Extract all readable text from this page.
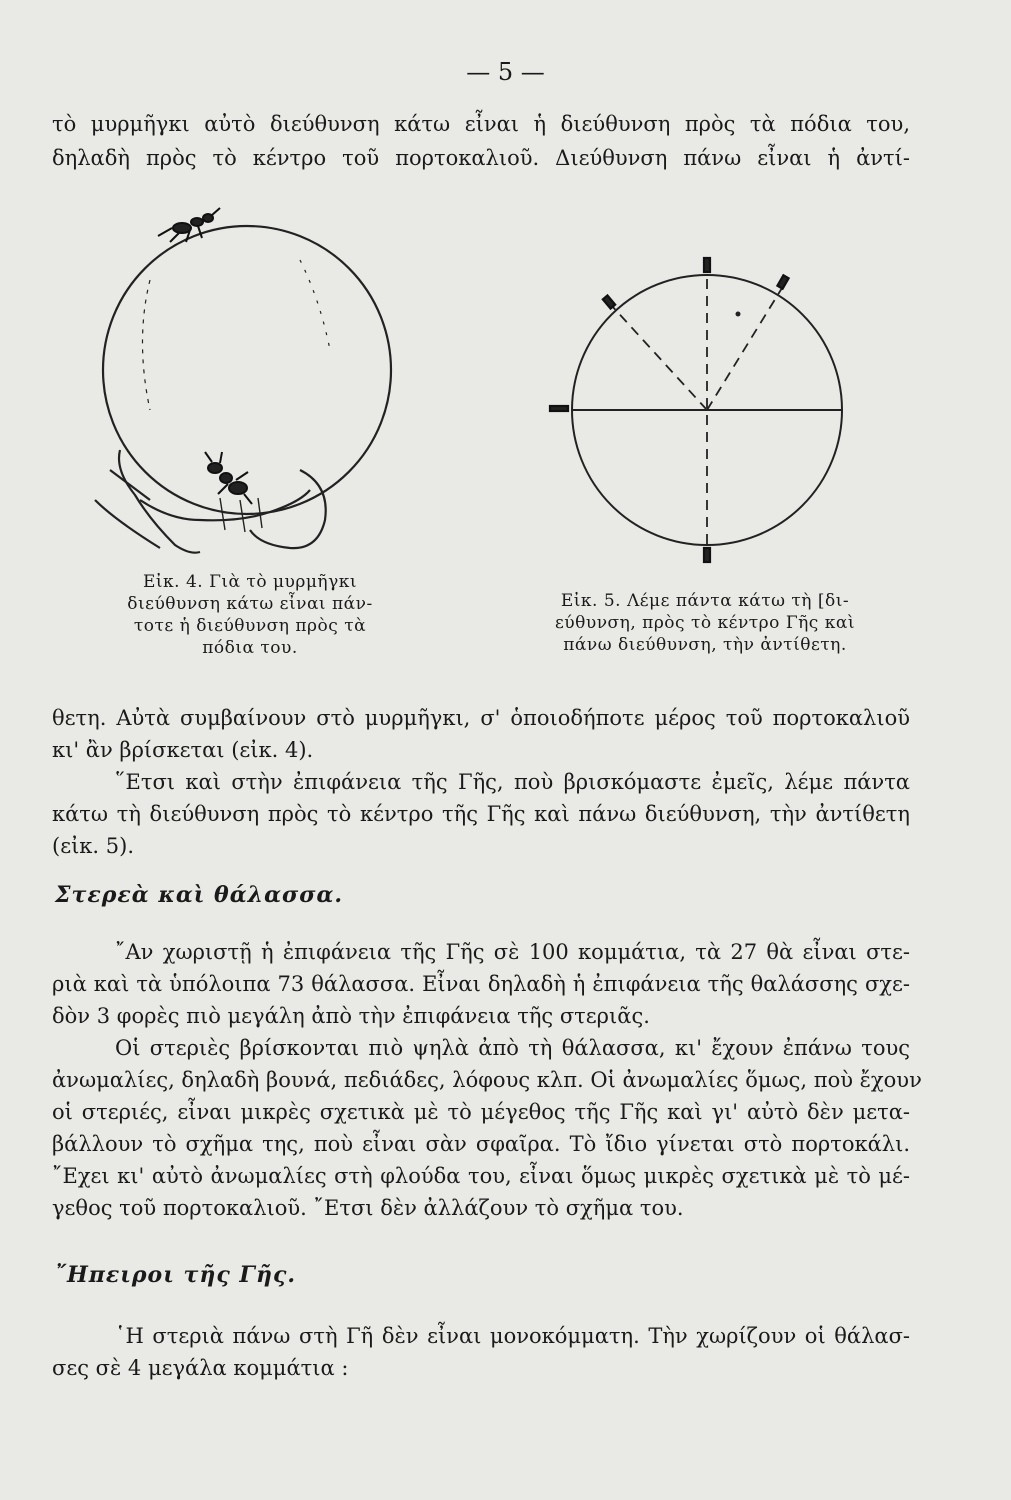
— 5 —
τὸ μυρμῆγκι αὐτὸ διεύθυνση κάτω εἶναι ἡ διεύθυνση πρὸς τὰ πόδια του,
δηλαδὴ πρὸς τὸ κέντρο τοῦ πορτοκαλιοῦ. Διεύθυνση πάνω εἶναι ἡ ἀντί-
Εἰκ. 4. Γιὰ τὸ μυρμῆγκι
διεύθυνση κάτω εἶναι πάν-
τοτε ἡ διεύθυνση πρὸς τὰ
πόδια του.
Εἰκ. 5. Λέμε πάντα κάτω τὴ [δι-
εύθυνση, πρὸς τὸ κέντρο Γῆς καὶ
πάνω διεύθυνση, τὴν ἀντίθετη.
θετη. Αὐτὰ συμβαίνουν στὸ μυρμῆγκι, σ' ὁποιοδήποτε μέρος τοῦ πορτοκαλιοῦ
κι' ἂν βρίσκεται (εἰκ. 4).
῞Ετσι καὶ στὴν ἐπιφάνεια τῆς Γῆς, ποὺ βρισκόμαστε ἐμεῖς, λέμε πάντα
κάτω τὴ διεύθυνση πρὸς τὸ κέντρο τῆς Γῆς καὶ πάνω διεύθυνση, τὴν ἀντίθετη
(εἰκ. 5).
Στερεὰ καὶ θάλασσα.
῎Αν χωριστῇ ἡ ἐπιφάνεια τῆς Γῆς σὲ 100 κομμάτια, τὰ 27 θὰ εἶναι στε-
ριὰ καὶ τὰ ὑπόλοιπα 73 θάλασσα. Εἶναι δηλαδὴ ἡ ἐπιφάνεια τῆς θαλάσσης σχε-
δὸν 3 φορὲς πιὸ μεγάλη ἀπὸ τὴν ἐπιφάνεια τῆς στεριᾶς.
Οἱ στεριὲς βρίσκονται πιὸ ψηλὰ ἀπὸ τὴ θάλασσα, κι' ἔχουν ἐπάνω τους
ἀνωμαλίες, δηλαδὴ βουνά, πεδιάδες, λόφους κλπ. Οἱ ἀνωμαλίες ὅμως, ποὺ ἔχουν
οἱ στεριές, εἶναι μικρὲς σχετικὰ μὲ τὸ μέγεθος τῆς Γῆς καὶ γι' αὐτὸ δὲν μετα-
βάλλουν τὸ σχῆμα της, ποὺ εἶναι σὰν σφαῖρα. Τὸ ἴδιο γίνεται στὸ πορτοκάλι.
῎Εχει κι' αὐτὸ ἀνωμαλίες στὴ φλούδα του, εἶναι ὅμως μικρὲς σχετικὰ μὲ τὸ μέ-
γεθος τοῦ πορτοκαλιοῦ. ῎Ετσι δὲν ἀλλάζουν τὸ σχῆμα του.
῎Ηπειροι τῆς Γῆς.
῾Η στεριὰ πάνω στὴ Γῆ δὲν εἶναι μονοκόμματη. Τὴν χωρίζουν οἱ θάλασ-
σες σὲ 4 μεγάλα κομμάτια :
